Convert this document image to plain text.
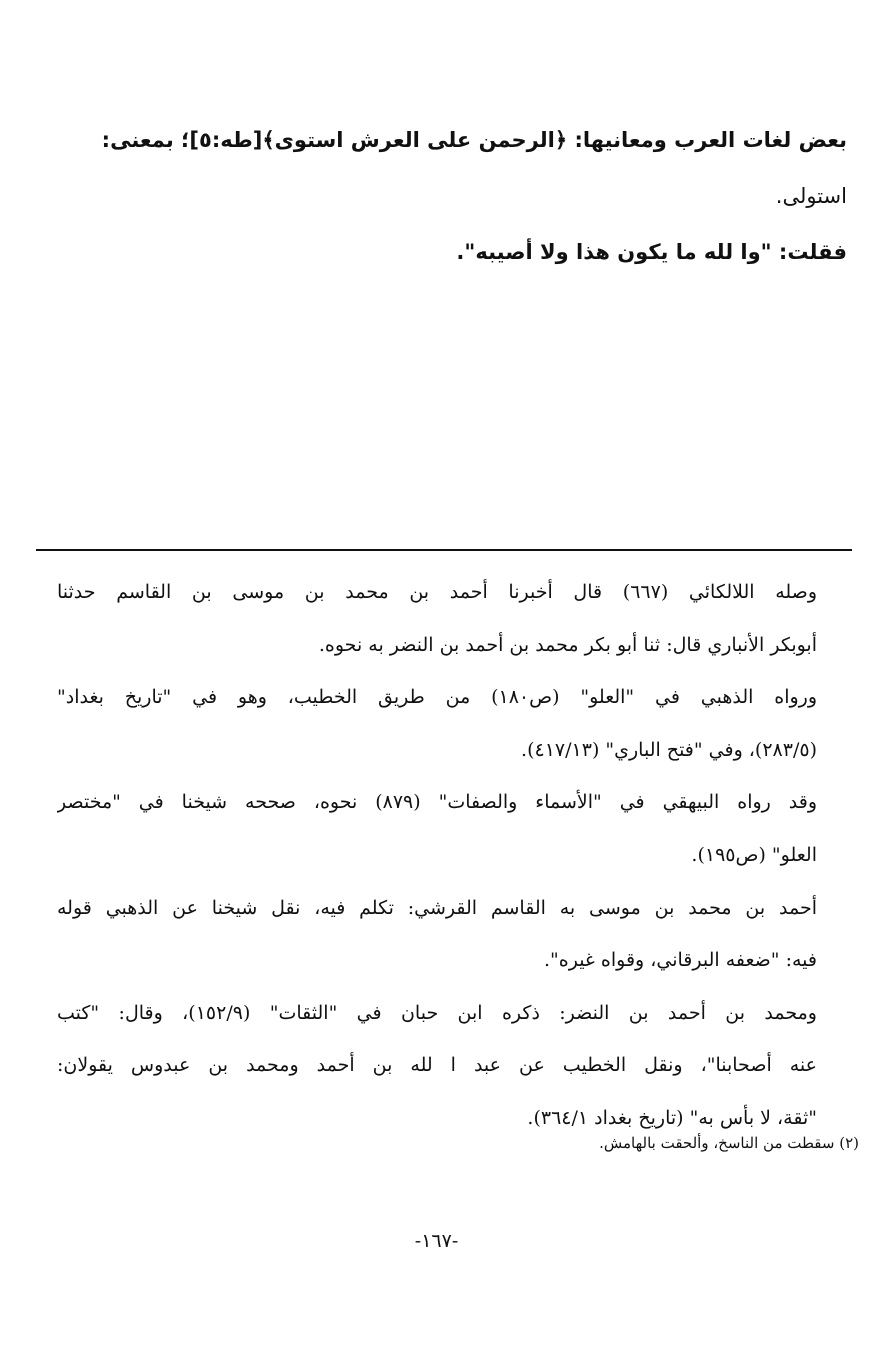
بعض لغات العرب ومعانيها: ﴿الرحمن على العرش استوى﴾[طه:٥]؛ بمعنى:
استولى.
فقلت: "وا لله ما يكون هذا ولا أصيبه".
وصله اللالكائي (٦٦٧) قال أخبرنا أحمد بن محمد بن موسى بن القاسم حدثنا
أبوبكر الأنباري قال: ثنا أبو بكر محمد بن أحمد بن النضر به نحوه.
ورواه الذهبي في "العلو" (ص١٨٠) من طريق الخطيب، وهو في "تاريخ بغداد"
(٢٨٣/٥)، وفي "فتح الباري" (٤١٧/١٣).
وقد رواه البيهقي في "الأسماء والصفات" (٨٧٩) نحوه، صححه شيخنا في "مختصر
العلو" (ص١٩٥).
أحمد بن محمد بن موسى به القاسم القرشي: تكلم فيه، نقل شيخنا عن الذهبي قوله
فيه: "ضعفه البرقاني، وقواه غيره".
ومحمد بن أحمد بن النضر: ذكره ابن حبان في "الثقات" (١٥٢/٩)، وقال: "كتب
عنه أصحابنا"، ونقل الخطيب عن عبد ا لله بن أحمد ومحمد بن عبدوس يقولان:
"ثقة، لا بأس به" (تاريخ بغداد ٣٦٤/١).
(٢) سقطت من الناسخ، وألحقت بالهامش.
-١٦٧-
